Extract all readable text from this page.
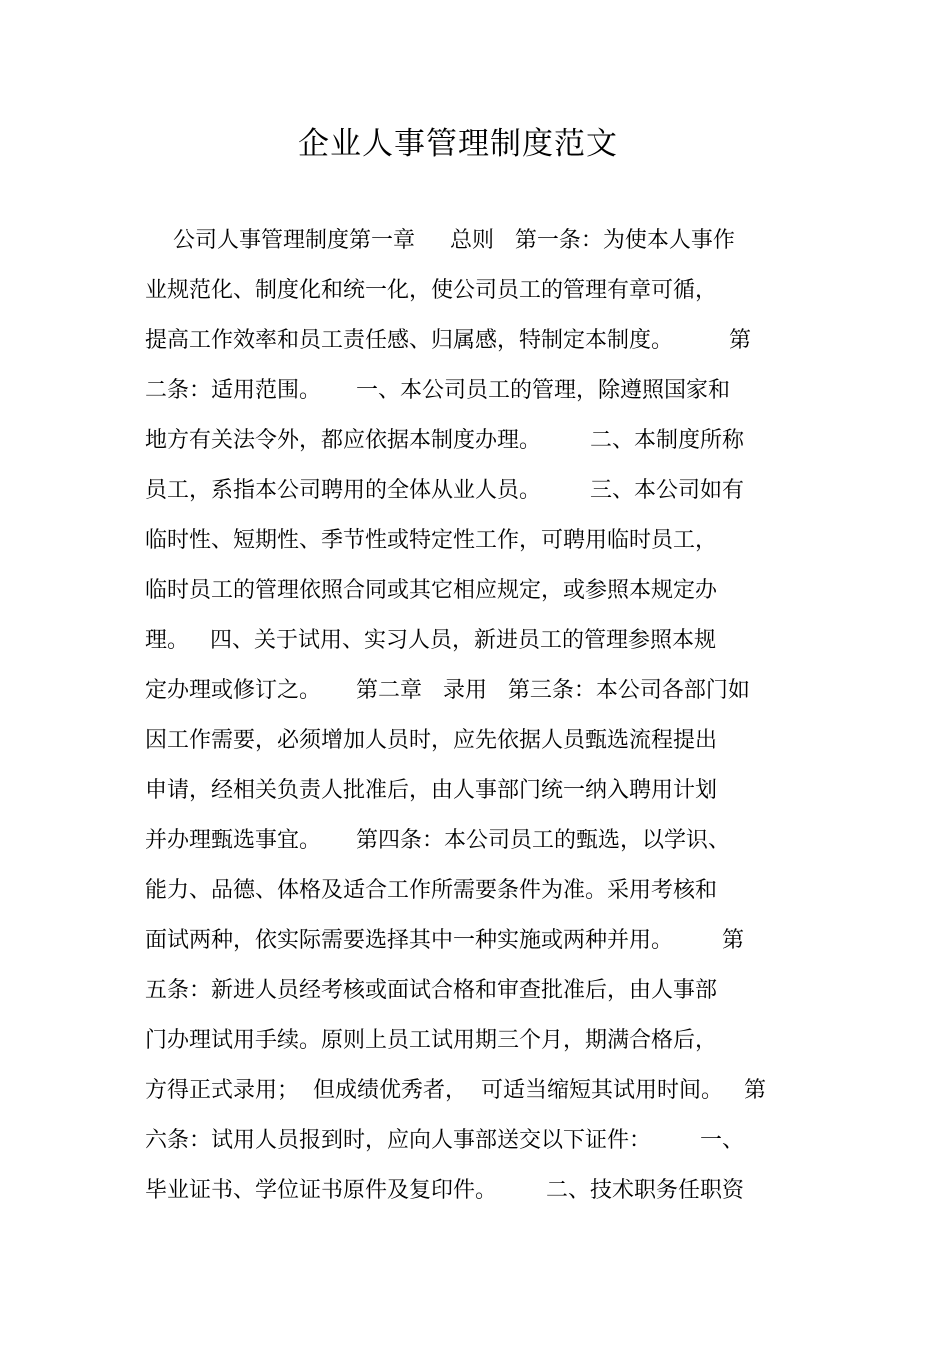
企业人事管理制度范文
公司人事管理制度第一章     总则   第一条：为使本人事作
业规范化、制度化和统一化，使公司员工的管理有章可循，
提高工作效率和员工责任感、归属感，特制定本制度。        第
二条：适用范围。     一、本公司员工的管理，除遵照国家和
地方有关法令外，都应依据本制度办理。       二、本制度所称
员工，系指本公司聘用的全体从业人员。       三、本公司如有
临时性、短期性、季节性或特定性工作，可聘用临时员工，
临时员工的管理依照合同或其它相应规定，或参照本规定办
理。   四、关于试用、实习人员，新进员工的管理参照本规
定办理或修订之。     第二章   录用   第三条：本公司各部门如
因工作需要，必须增加人员时，应先依据人员甄选流程提出
申请，经相关负责人批准后，由人事部门统一纳入聘用计划
并办理甄选事宜。     第四条：本公司员工的甄选，以学识、
能力、品德、体格及适合工作所需要条件为准。采用考核和
面试两种，依实际需要选择其中一种实施或两种并用。       第
五条：新进人员经考核或面试合格和审查批准后，由人事部
门办理试用手续。原则上员工试用期三个月，期满合格后，
方得正式录用；  但成绩优秀者，  可适当缩短其试用时间。   第
六条：试用人员报到时，应向人事部送交以下证件：       一、
毕业证书、学位证书原件及复印件。       二、技术职务任职资
